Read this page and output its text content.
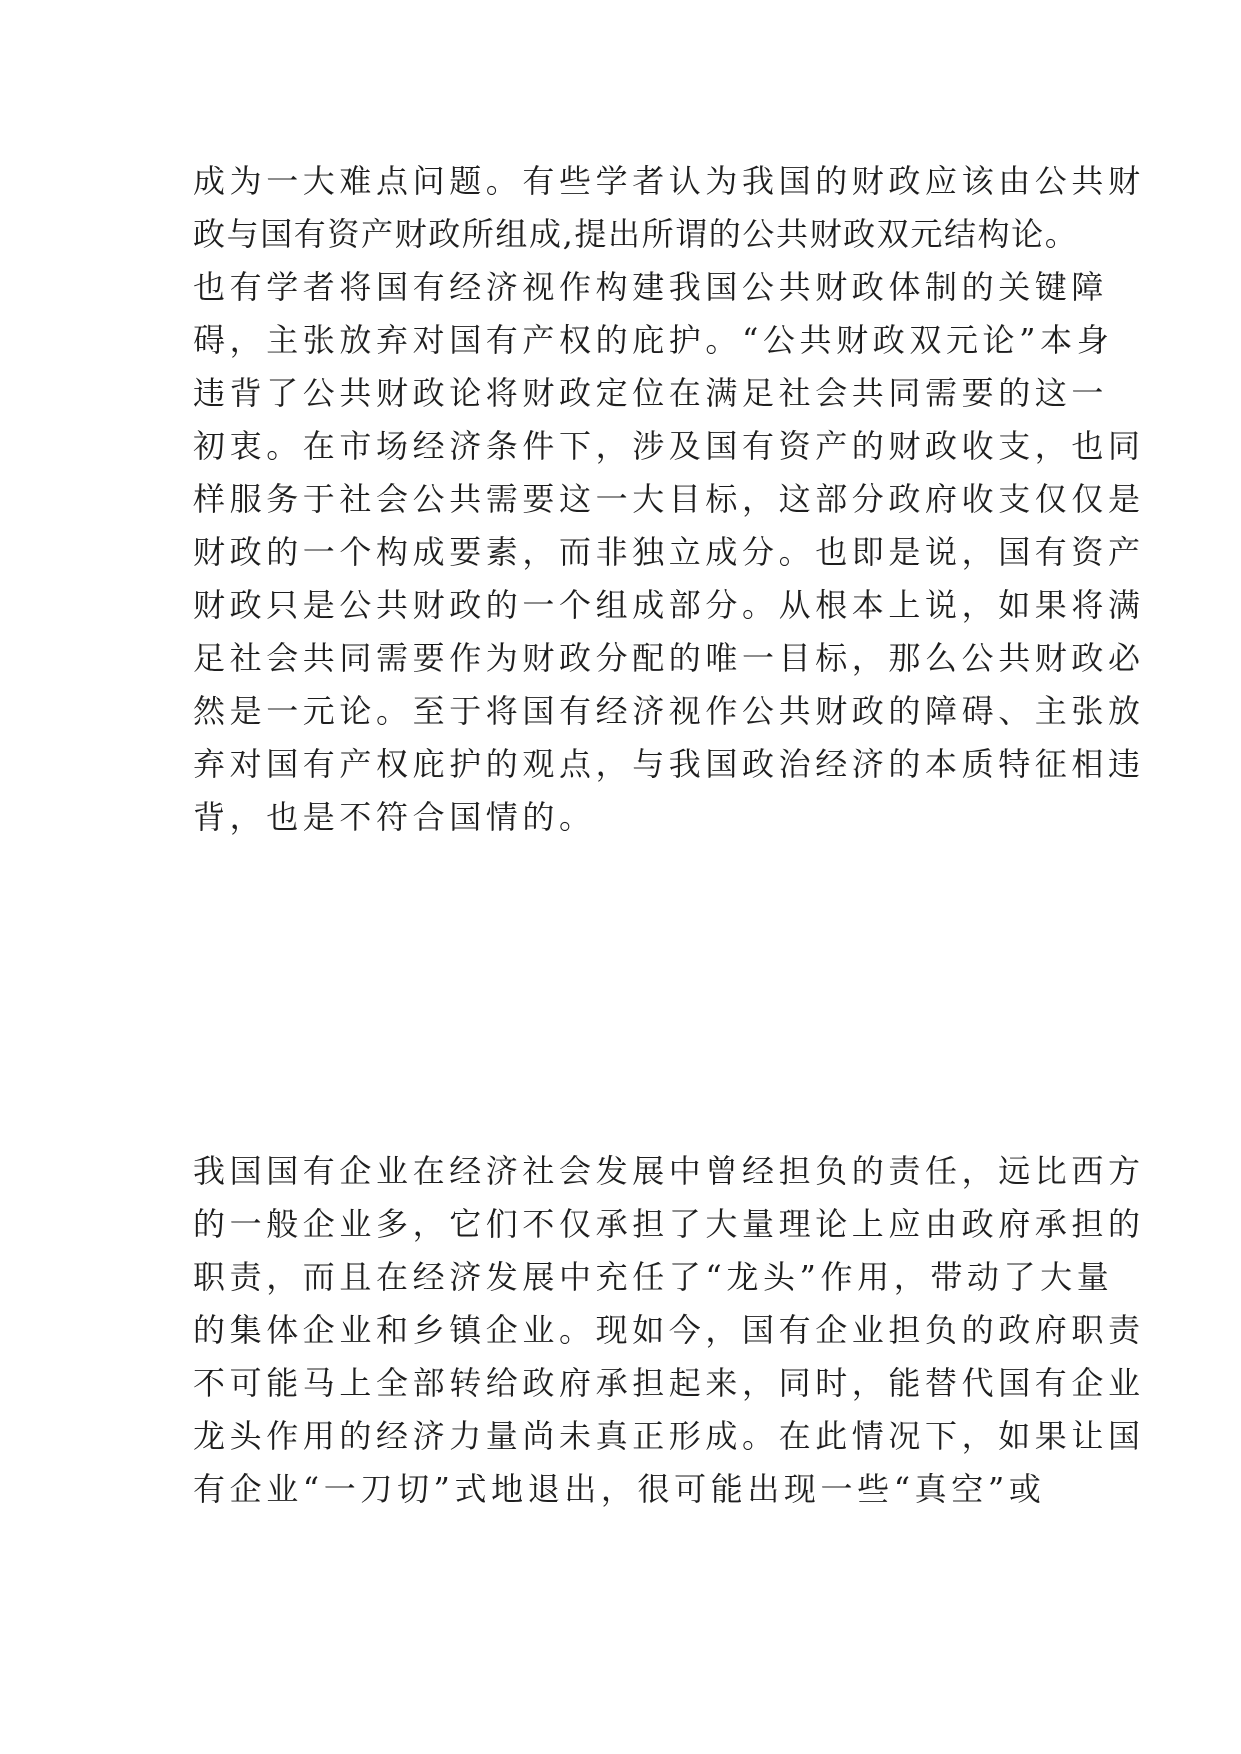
成为一大难点问题。有些学者认为我国的财政应该由公共财
政与国有资产财政所组成,提出所谓的公共财政双元结构论。
也有学者将国有经济视作构建我国公共财政体制的关键障
碍，主张放弃对国有产权的庇护。“公共财政双元论”本身
违背了公共财政论将财政定位在满足社会共同需要的这一
初衷。在市场经济条件下，涉及国有资产的财政收支，也同
样服务于社会公共需要这一大目标，这部分政府收支仅仅是
财政的一个构成要素，而非独立成分。也即是说，国有资产
财政只是公共财政的一个组成部分。从根本上说，如果将满
足社会共同需要作为财政分配的唯一目标，那么公共财政必
然是一元论。至于将国有经济视作公共财政的障碍、主张放
弃对国有产权庇护的观点，与我国政治经济的本质特征相违
背，也是不符合国情的。
我国国有企业在经济社会发展中曾经担负的责任，远比西方
的一般企业多，它们不仅承担了大量理论上应由政府承担的
职责，而且在经济发展中充任了“龙头”作用，带动了大量
的集体企业和乡镇企业。现如今，国有企业担负的政府职责
不可能马上全部转给政府承担起来，同时，能替代国有企业
龙头作用的经济力量尚未真正形成。在此情况下，如果让国
有企业“一刀切”式地退出，很可能出现一些“真空”或
